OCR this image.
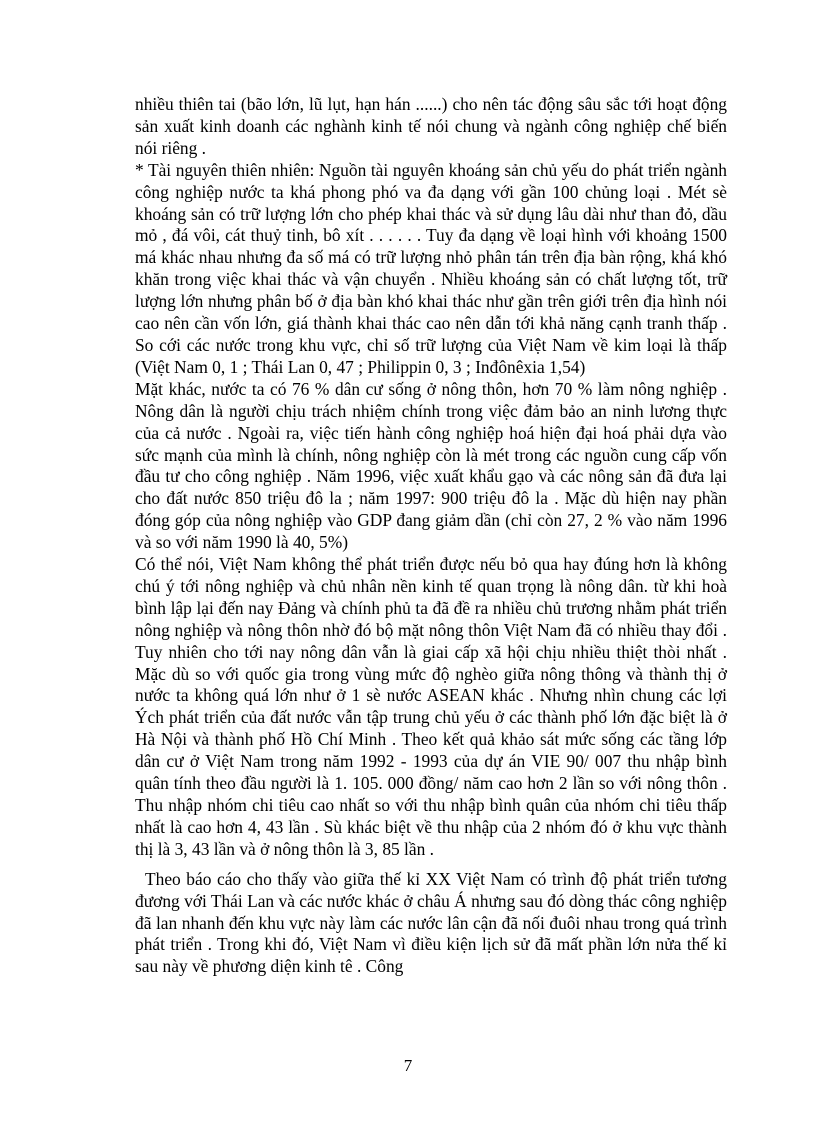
nhiều thiên tai (bão lớn, lũ lụt, hạn hán ......) cho nên tác động sâu sắc tới hoạt động sản xuất kinh doanh các nghành kinh tế nói chung và ngành công nghiệp chế biến nói riêng .

* Tài nguyên thiên nhiên: Nguồn tài nguyên khoáng sản chủ yếu do phát triển ngành công nghiệp nước ta khá phong phó va đa dạng với gần 100 chủng loại . Mét sè khoáng sản có trữ lượng lớn cho phép khai thác và sử dụng lâu dài như than đỏ, dầu mỏ , đá vôi, cát thuỷ tinh, bô xít . . . . . . Tuy đa dạng về loại hình với khoảng 1500 má khác nhau nhưng đa số má có trữ lượng nhỏ phân tán trên địa bàn rộng, khá khó khăn trong việc khai thác và vận chuyển . Nhiều khoáng sản có chất lượng tốt, trữ lượng lớn nhưng phân bố ở địa bàn khó khai thác như gần trên giới trên địa hình nói cao nên cần vốn lớn, giá thành khai thác cao nên dẫn tới khả năng cạnh tranh thấp . So cới các nước trong khu vực, chỉ số trữ lượng của Việt Nam về kim loại là thấp (Việt Nam 0, 1 ; Thái Lan 0, 47 ; Philippin 0, 3 ; Inđônêxia 1,54)

Mặt khác, nước ta có 76 % dân cư sống ở nông thôn, hơn 70 % làm nông nghiệp . Nông dân là người chịu trách nhiệm chính trong việc đảm bảo an ninh lương thực của cả nước . Ngoài ra, việc tiến hành công nghiệp hoá hiện đại hoá phải dựa vào sức mạnh của mình là chính, nông nghiệp còn là mét trong các nguồn cung cấp vốn đầu tư cho công nghiệp . Năm 1996, việc xuất khẩu gạo và các nông sản đã đưa lại cho đất nước 850 triệu đô la ; năm 1997: 900 triệu đô la . Mặc dù hiện nay phần đóng góp của nông nghiệp vào GDP đang giảm dần (chỉ còn 27, 2 % vào năm 1996 và so với năm 1990 là 40, 5%)

Có thể nói, Việt Nam không thể phát triển được nếu bỏ qua hay đúng hơn là không chú ý tới nông nghiệp và chủ nhân nền kinh tế quan trọng là nông dân. từ khi hoà bình lập lại đến nay Đảng và chính phủ ta đã đề ra nhiều chủ trương nhằm phát triển nông nghiệp và nông thôn nhờ đó bộ mặt nông thôn Việt Nam đã có nhiều thay đổi . Tuy nhiên cho tới nay nông dân vẫn là giai cấp xã hội chịu nhiều thiệt thòi nhất . Mặc dù so với quốc gia trong vùng mức độ nghèo giữa nông thông và thành thị ở nước ta không quá lớn như ở 1 sè nước ASEAN khác . Nhưng nhìn chung các lợi Ých phát triển của đất nước vẫn tập trung chủ yếu ở các thành phố lớn đặc biệt là ở Hà Nội và thành phố Hồ Chí Minh . Theo kết quả khảo sát mức sống các tầng lớp dân cư ở Việt Nam trong năm 1992 - 1993 của dự án VIE 90/ 007 thu nhập bình quân tính theo đầu người là 1. 105. 000 đồng/ năm cao hơn 2 lần so với nông thôn . Thu nhập nhóm chi tiêu cao nhất so với thu nhập bình quân của nhóm chi tiêu thấp nhất là cao hơn 4, 43 lần . Sù khác biệt về thu nhập của 2 nhóm đó ở khu vực thành thị là 3, 43 lần và ở nông thôn là 3, 85 lần .

Theo báo cáo cho thấy vào giữa thế kỉ XX Việt Nam có trình độ phát triển tương đương với Thái Lan và các nước khác ở châu Á nhưng sau đó dòng thác công nghiệp đã lan nhanh đến khu vực này làm các nước lân cận đã nối đuôi nhau trong quá trình phát triển . Trong khi đó, Việt Nam vì điều kiện lịch sử đã mất phần lớn nửa thế kỉ sau này về phương diện kinh tê . Công

7
